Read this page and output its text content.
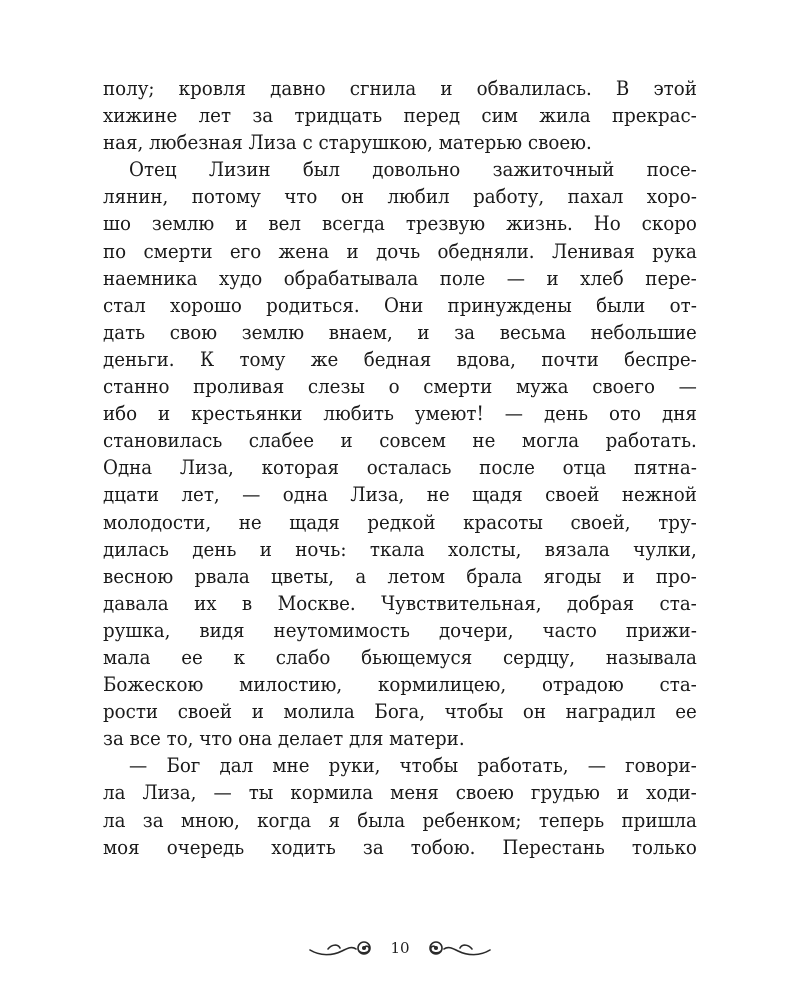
полу; кровля давно сгнила и обвалилась. В этой
хижине лет за тридцать перед сим жила прекрас-
ная, любезная Лиза с старушкою, матерью своею.
Отец Лизин был довольно зажиточный посе-
лянин, потому что он любил работу, пахал хоро-
шо землю и вел всегда трезвую жизнь. Но скоро
по смерти его жена и дочь обедняли. Ленивая рука
наемника худо обрабатывала поле — и хлеб пере-
стал хорошо родиться. Они принуждены были от-
дать свою землю внаем, и за весьма небольшие
деньги. К тому же бедная вдова, почти беспре-
станно проливая слезы о смерти мужа своего —
ибо и крестьянки любить умеют! — день ото дня
становилась слабее и совсем не могла работать.
Одна Лиза, которая осталась после отца пятна-
дцати лет, — одна Лиза, не щадя своей нежной
молодости, не щадя редкой красоты своей, тру-
дилась день и ночь: ткала холсты, вязала чулки,
весною рвала цветы, а летом брала ягоды и про-
давала их в Москве. Чувствительная, добрая ста-
рушка, видя неутомимость дочери, часто прижи-
мала ее к слабо бьющемуся сердцу, называла
Божескою милостию, кормилицею, отрадою ста-
рости своей и молила Бога, чтобы он наградил ее
за все то, что она делает для матери.
— Бог дал мне руки, чтобы работать, — говори-
ла Лиза, — ты кормила меня своею грудью и ходи-
ла за мною, когда я была ребенком; теперь пришла
моя очередь ходить за тобою. Перестань только
10
